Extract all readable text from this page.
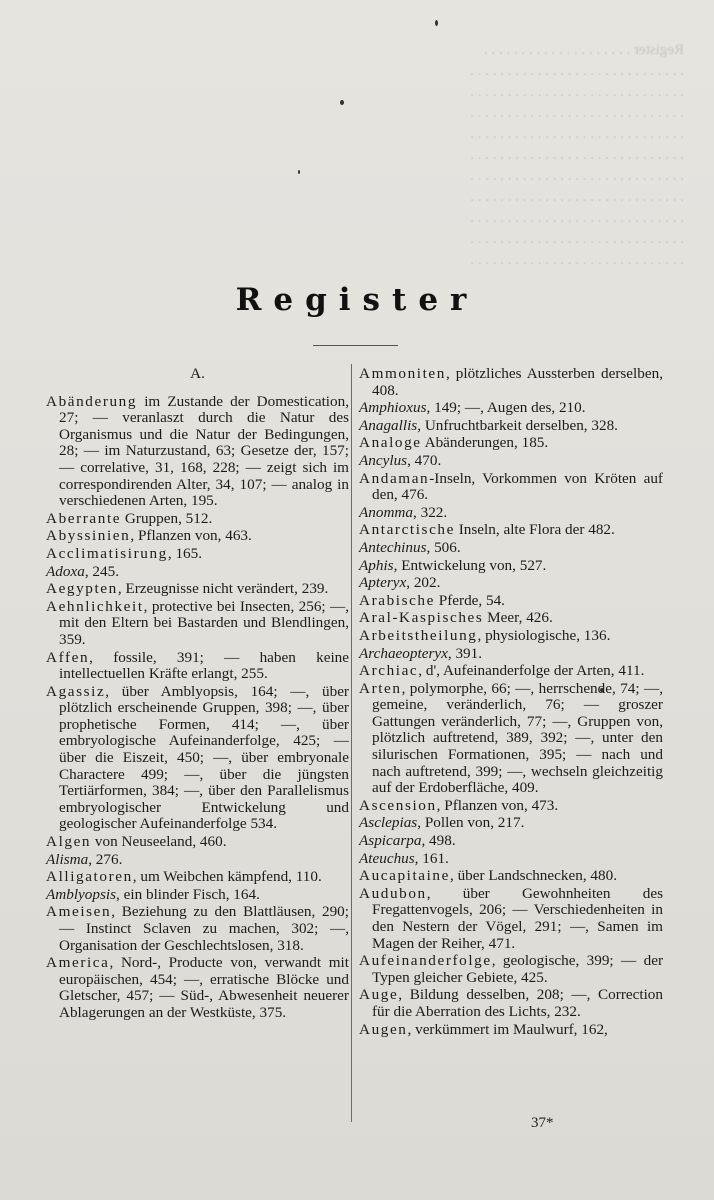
Register . . . . . . . . . . . . . . . . . . . .
. . . . . . . . . . . . . . . . . . . . . . . . . . . . .
. . . . . . . . . . . . . . . . . . . . . . . . . . . . .
. . . . . . . . . . . . . . . . . . . . . . . . . . . . .
. . . . . . . . . . . . . . . . . . . . . . . . . . . . .
. . . . . . . . . . . . . . . . . . . . . . . . . . . . .
. . . . . . . . . . . . . . . . . . . . . . . . . . . . .
. . . . . . . . . . . . . . . . . . . . . . . . . . . . .
. . . . . . . . . . . . . . . . . . . . . . . . . . . . .
. . . . . . . . . . . . . . . . . . . . . . . . . . . . .
. . . . . . . . . . . . . . . . . . . . . . . . . . . . .
Register
A.
Abänderung im Zustande der Domestication, 27; — veranlaszt durch die Natur des Organismus und die Natur der Bedingungen, 28; — im Naturzustand, 63; Gesetze der, 157; — correlative, 31, 168, 228; — zeigt sich im correspondirenden Alter, 34, 107; — analog in verschiedenen Arten, 195.
Aberrante Gruppen, 512.
Abyssinien, Pflanzen von, 463.
Acclimatisirung, 165.
Adoxa, 245.
Aegypten, Erzeugnisse nicht verändert, 239.
Aehnlichkeit, protective bei Insecten, 256; —, mit den Eltern bei Bastarden und Blendlingen, 359.
Affen, fossile, 391; — haben keine intellectuellen Kräfte erlangt, 255.
Agassiz, über Amblyopsis, 164; —, über plötzlich erscheinende Gruppen, 398; —, über prophetische Formen, 414; —, über embryologische Aufeinanderfolge, 425; — über die Eiszeit, 450; —, über embryonale Charactere 499; —, über die jüngsten Tertiärformen, 384; —, über den Parallelismus embryologischer Entwickelung und geologischer Aufeinanderfolge 534.
Algen von Neuseeland, 460.
Alisma, 276.
Alligatoren, um Weibchen kämpfend, 110.
Amblyopsis, ein blinder Fisch, 164.
Ameisen, Beziehung zu den Blattläusen, 290; — Instinct Sclaven zu machen, 302; —, Organisation der Geschlechtslosen, 318.
America, Nord-, Producte von, verwandt mit europäischen, 454; —, erratische Blöcke und Gletscher, 457; — Süd-, Abwesenheit neuerer Ablagerungen an der Westküste, 375.
Ammoniten, plötzliches Aussterben derselben, 408.
Amphioxus, 149; —, Augen des, 210.
Anagallis, Unfruchtbarkeit derselben, 328.
Analoge Abänderungen, 185.
Ancylus, 470.
Andaman-Inseln, Vorkommen von Kröten auf den, 476.
Anomma, 322.
Antarctische Inseln, alte Flora der 482.
Antechinus, 506.
Aphis, Entwickelung von, 527.
Apteryx, 202.
Arabische Pferde, 54.
Aral-Kaspisches Meer, 426.
Arbeitstheilung, physiologische, 136.
Archaeopteryx, 391.
Archiac, d', Aufeinanderfolge der Arten, 411.
Arten, polymorphe, 66; —, herrschende, 74; —, gemeine, veränderlich, 76; — groszer Gattungen veränderlich, 77; —, Gruppen von, plötzlich auftretend, 389, 392; —, unter den silurischen Formationen, 395; — nach und nach auftretend, 399; —, wechseln gleichzeitig auf der Erdoberfläche, 409.
Ascension, Pflanzen von, 473.
Asclepias, Pollen von, 217.
Aspicarpa, 498.
Ateuchus, 161.
Aucapitaine, über Landschnecken, 480.
Audubon, über Gewohnheiten des Fregattenvogels, 206; — Verschiedenheiten in den Nestern der Vögel, 291; —, Samen im Magen der Reiher, 471.
Aufeinanderfolge, geologische, 399; — der Typen gleicher Gebiete, 425.
Auge, Bildung desselben, 208; —, Correction für die Aberration des Lichts, 232.
Augen, verkümmert im Maulwurf, 162,
37*
